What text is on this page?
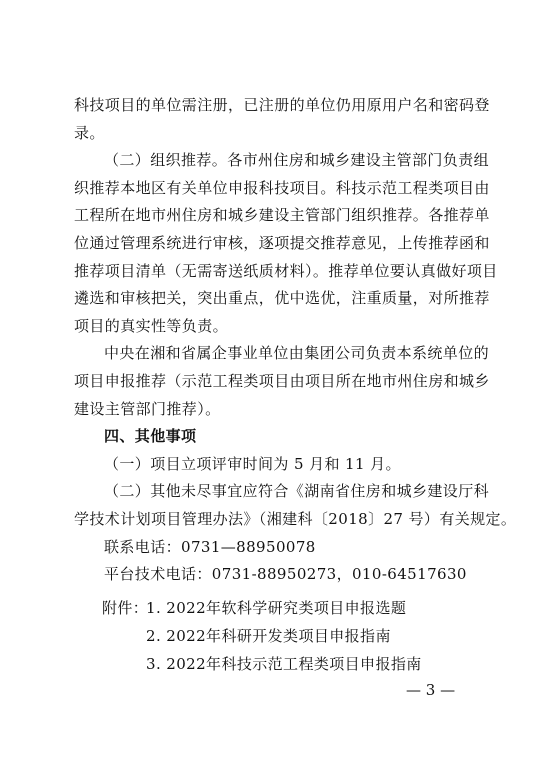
科技项目的单位需注册，已注册的单位仍用原用户名和密码登
录。
（二）组织推荐。各市州住房和城乡建设主管部门负责组
织推荐本地区有关单位申报科技项目。科技示范工程类项目由
工程所在地市州住房和城乡建设主管部门组织推荐。各推荐单
位通过管理系统进行审核，逐项提交推荐意见，上传推荐函和
推荐项目清单（无需寄送纸质材料）。推荐单位要认真做好项目
遴选和审核把关，突出重点，优中选优，注重质量，对所推荐
项目的真实性等负责。
中央在湘和省属企事业单位由集团公司负责本系统单位的
项目申报推荐（示范工程类项目由项目所在地市州住房和城乡
建设主管部门推荐）。
四、其他事项
（一）项目立项评审时间为 5 月和 11 月。
（二）其他未尽事宜应符合《湖南省住房和城乡建设厅科
学技术计划项目管理办法》（湘建科〔2018〕27 号）有关规定。
联系电话：0731—88950078
平台技术电话：0731-88950273，010-64517630
附件：
1. 2022年软科学研究类项目申报选题
2. 2022年科研开发类项目申报指南
3. 2022年科技示范工程类项目申报指南
— 3 —
